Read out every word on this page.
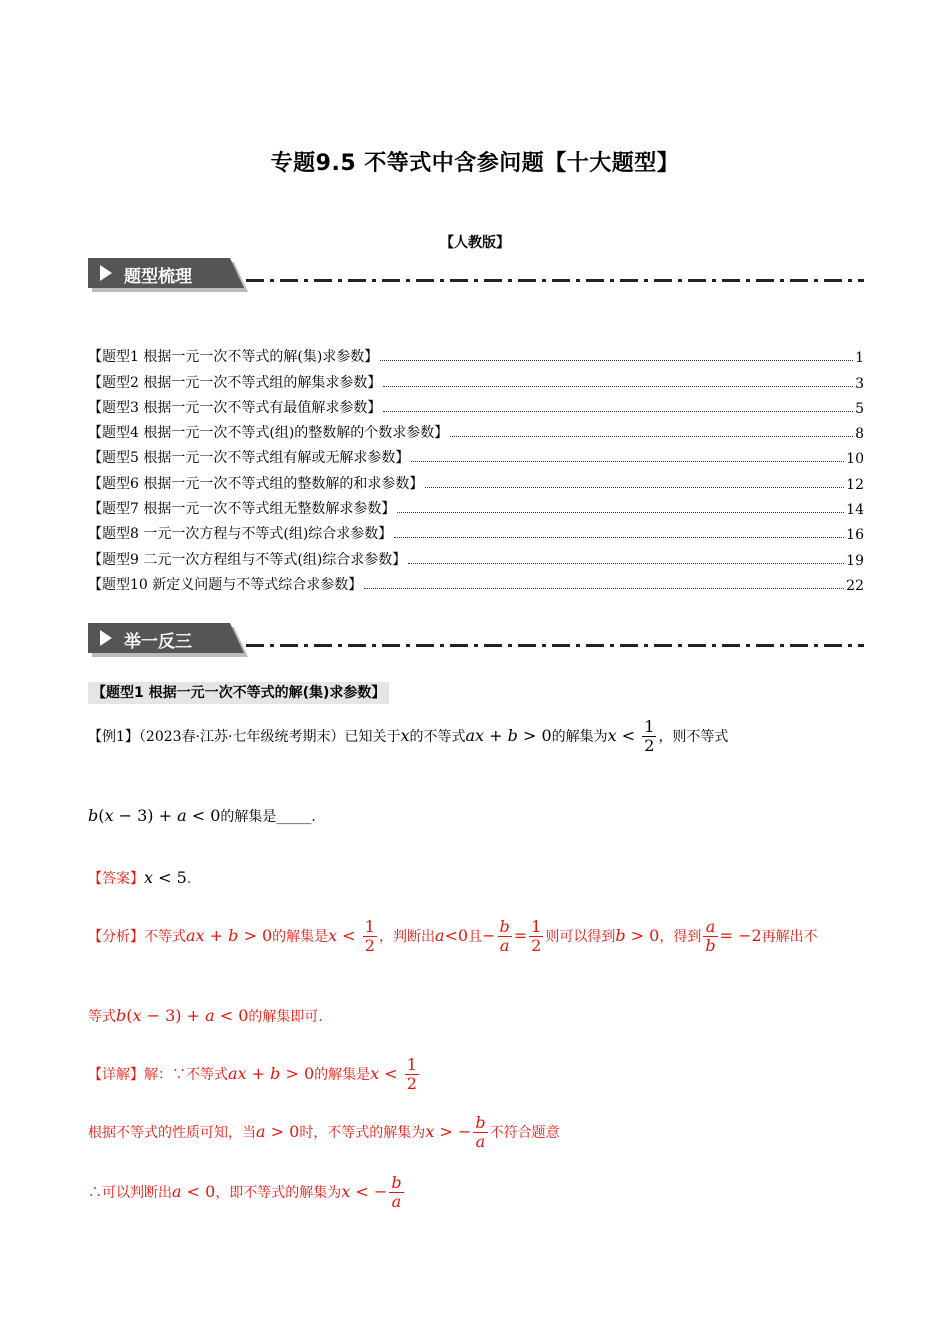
专题9.5 不等式中含参问题【十大题型】
【人教版】
题型梳理
【题型1 根据一元一次不等式的解(集)求参数】	1
【题型2 根据一元一次不等式组的解集求参数】	3
【题型3 根据一元一次不等式有最值解求参数】	5
【题型4 根据一元一次不等式(组)的整数解的个数求参数】	8
【题型5 根据一元一次不等式组有解或无解求参数】	10
【题型6 根据一元一次不等式组的整数解的和求参数】	12
【题型7 根据一元一次不等式组无整数解求参数】	14
【题型8 一元一次方程与不等式(组)综合求参数】	16
【题型9 二元一次方程组与不等式(组)综合求参数】	19
【题型10 新定义问题与不等式综合求参数】	22
举一反三
【题型1 根据一元一次不等式的解(集)求参数】
【例1】（2023春·江苏·七年级统考期末）已知关于x的不等式ax + b > 0的解集为$x < \frac{1}{2}$ ，则不等式
b(x − 3) + a < 0的解集是_____.
【答案】x < 5.
【分析】不等式ax + b > 0的解集是$x < \frac{1}{2}$ ，判断出a<0且− $\frac{b}{a} = \frac{1}{2}$ 则可以得到b > 0，得到 $\frac{a}{b} = -2$再解出不
等式b(x − 3) + a < 0的解集即可.
【详解】解：∵不等式ax + b > 0的解集是$x < \frac{1}{2}$
根据不等式的性质可知，当a > 0时，不等式的解集为x > − $\frac{b}{a}$ 不符合题意
∴可以判断出a < 0，即不等式的解集为x < − $\frac{b}{a}$
